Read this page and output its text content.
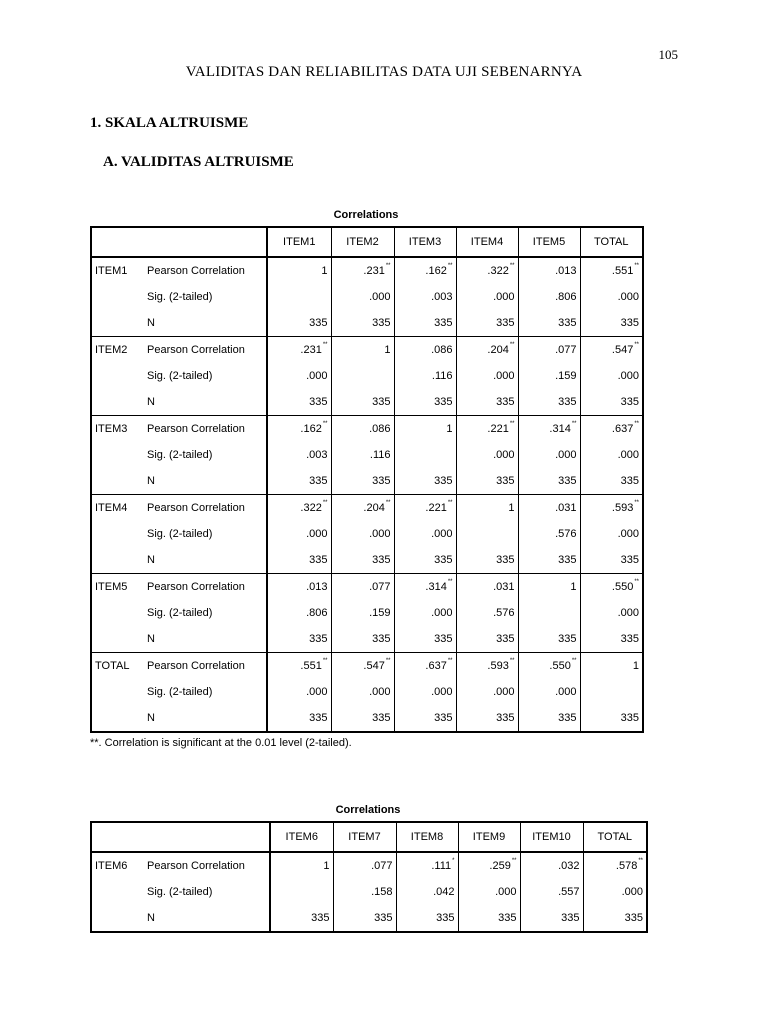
105
VALIDITAS DAN RELIABILITAS DATA UJI SEBENARNYA
1. SKALA ALTRUISME
A. VALIDITAS ALTRUISME
Correlations
		ITEM1	ITEM2	ITEM3	ITEM4	ITEM5	TOTAL
ITEM1	Pearson Correlation	1	.231**	.162**	.322**	.013	.551**
	Sig. (2-tailed)		.000	.003	.000	.806	.000
	N	335	335	335	335	335	335
ITEM2	Pearson Correlation	.231**	1	.086	.204**	.077	.547**
	Sig. (2-tailed)	.000		.116	.000	.159	.000
	N	335	335	335	335	335	335
ITEM3	Pearson Correlation	.162**	.086	1	.221**	.314**	.637**
	Sig. (2-tailed)	.003	.116		.000	.000	.000
	N	335	335	335	335	335	335
ITEM4	Pearson Correlation	.322**	.204**	.221**	1	.031	.593**
	Sig. (2-tailed)	.000	.000	.000		.576	.000
	N	335	335	335	335	335	335
ITEM5	Pearson Correlation	.013	.077	.314**	.031	1	.550**
	Sig. (2-tailed)	.806	.159	.000	.576		.000
	N	335	335	335	335	335	335
TOTAL	Pearson Correlation	.551**	.547**	.637**	.593**	.550**	1
	Sig. (2-tailed)	.000	.000	.000	.000	.000	
	N	335	335	335	335	335	335
**. Correlation is significant at the 0.01 level (2-tailed).
Correlations
		ITEM6	ITEM7	ITEM8	ITEM9	ITEM10	TOTAL
ITEM6	Pearson Correlation	1	.077	.111*	.259**	.032	.578**
	Sig. (2-tailed)		.158	.042	.000	.557	.000
	N	335	335	335	335	335	335
